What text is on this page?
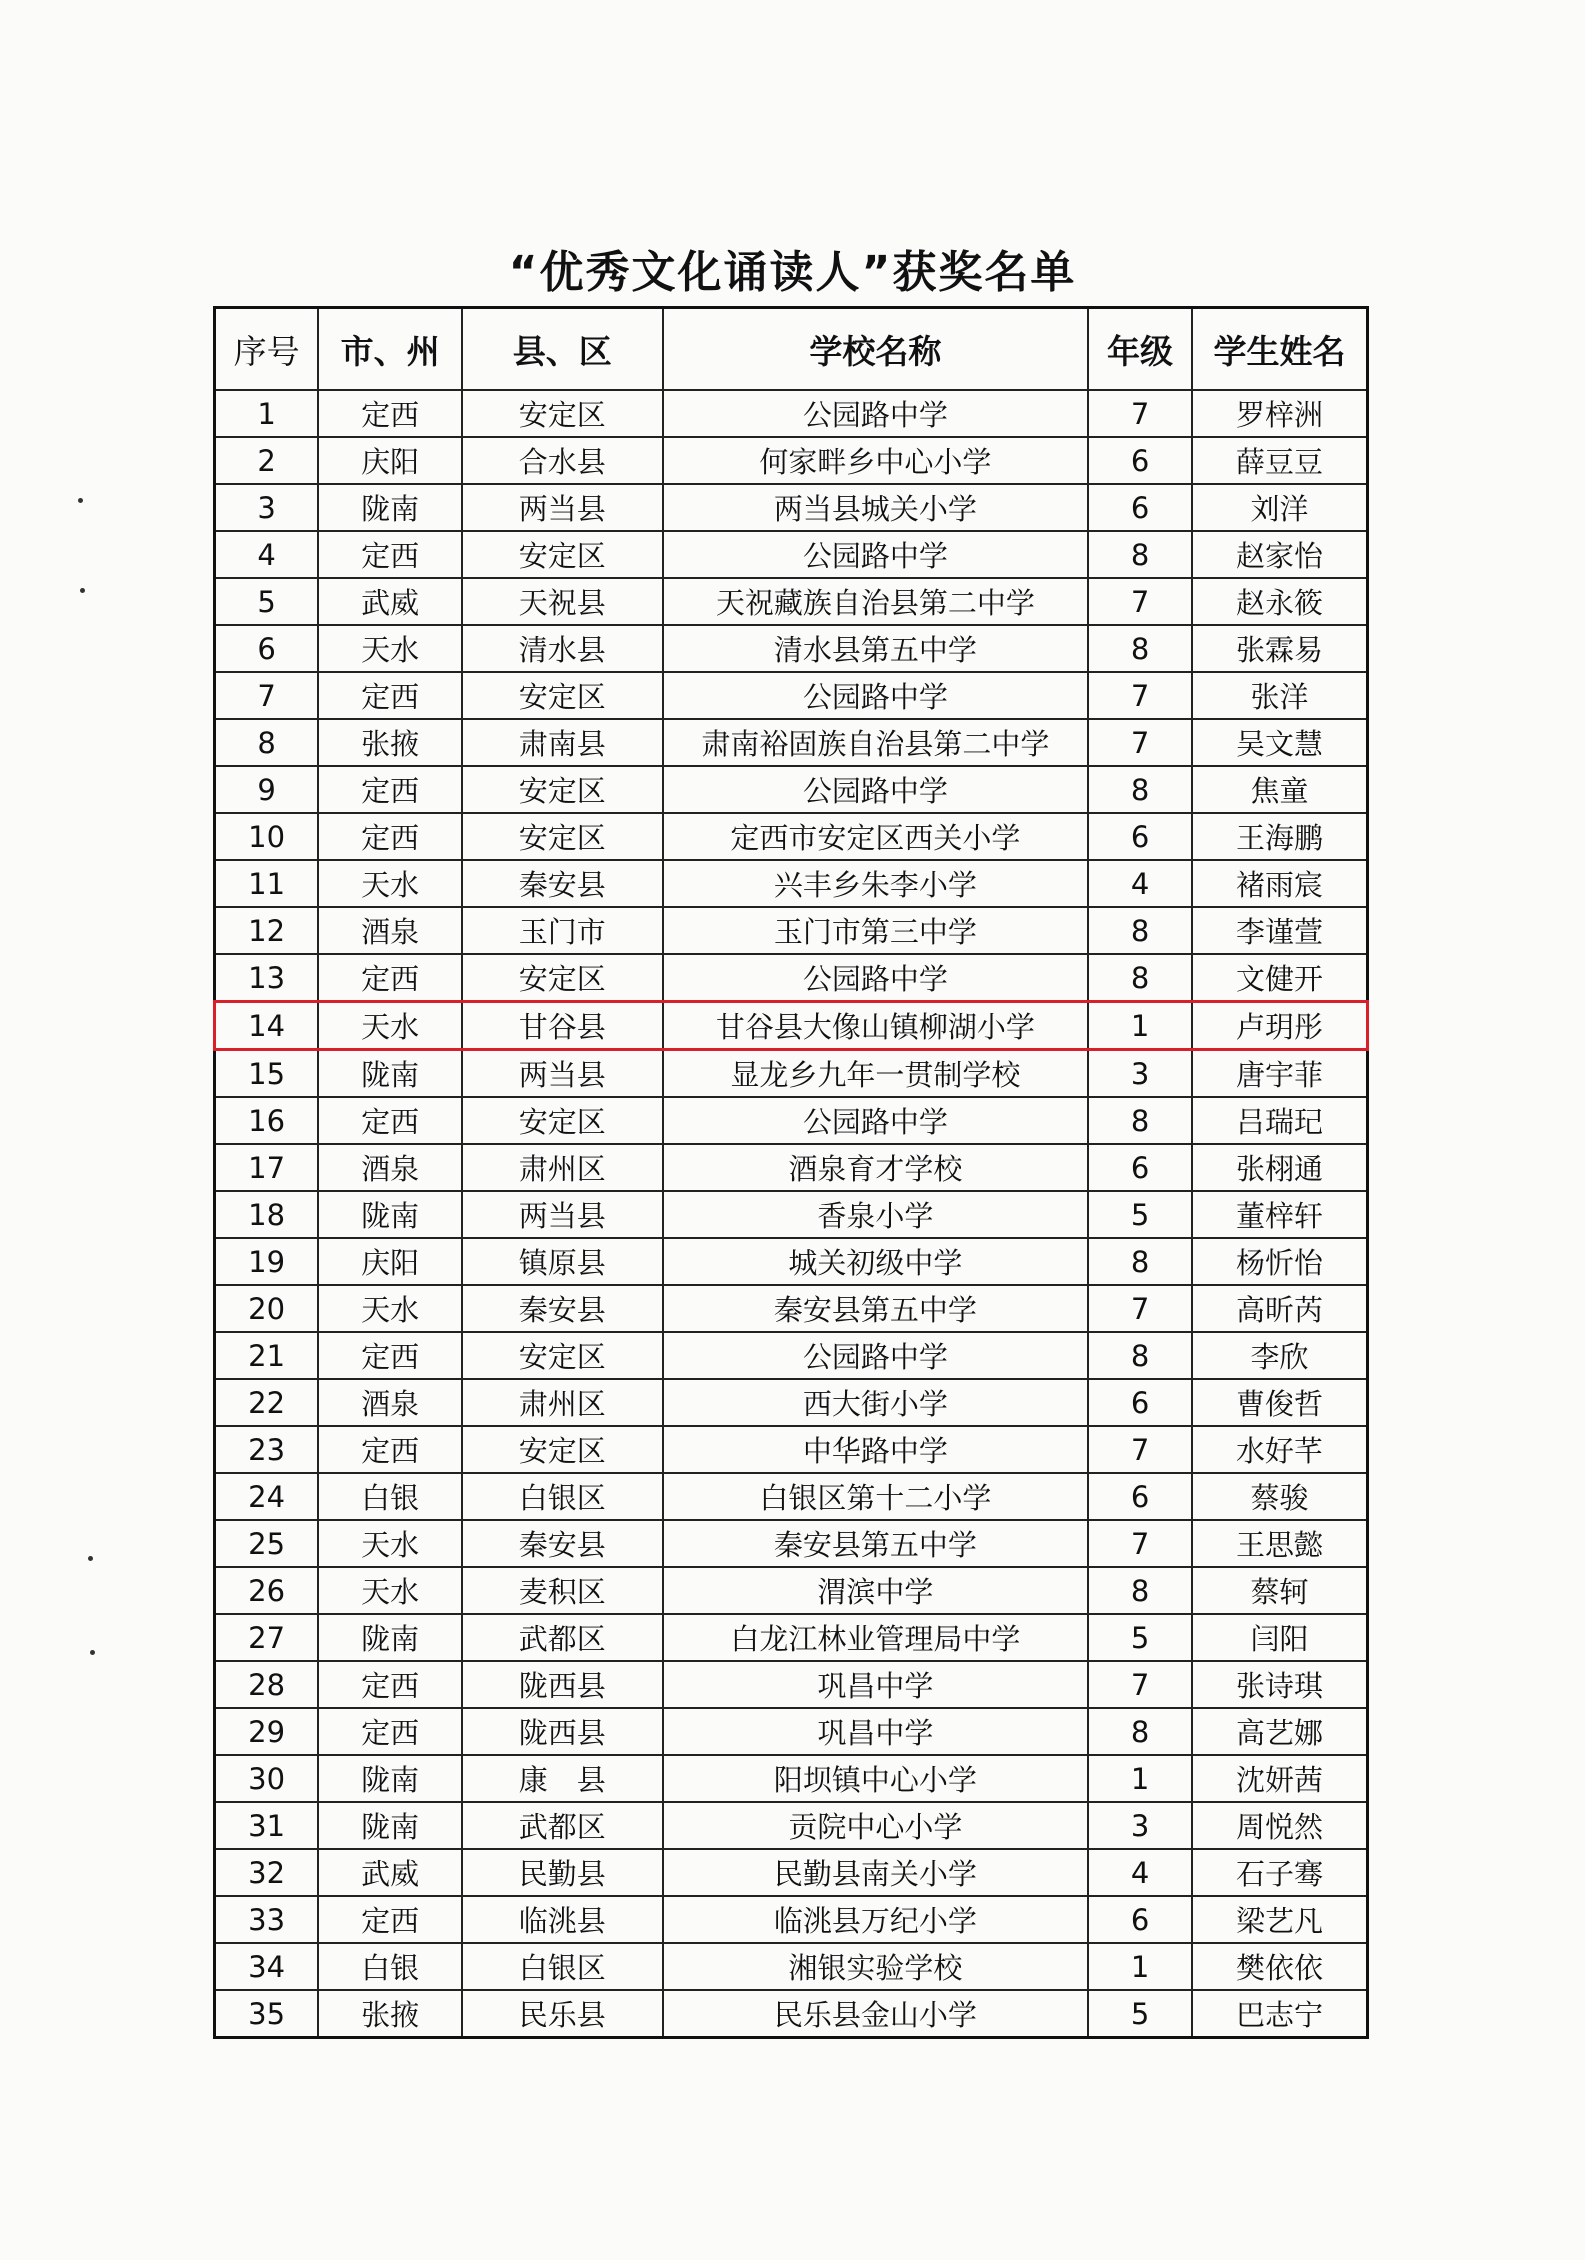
“优秀文化诵读人”获奖名单
序号	市、州	县、区	学校名称	年级	学生姓名
1	定西	安定区	公园路中学	7	罗梓洲
2	庆阳	合水县	何家畔乡中心小学	6	薛豆豆
3	陇南	两当县	两当县城关小学	6	刘洋
4	定西	安定区	公园路中学	8	赵家怡
5	武威	天祝县	天祝藏族自治县第二中学	7	赵永筱
6	天水	清水县	清水县第五中学	8	张霖易
7	定西	安定区	公园路中学	7	张洋
8	张掖	肃南县	肃南裕固族自治县第二中学	7	吴文慧
9	定西	安定区	公园路中学	8	焦童
10	定西	安定区	定西市安定区西关小学	6	王海鹏
11	天水	秦安县	兴丰乡朱李小学	4	褚雨宸
12	酒泉	玉门市	玉门市第三中学	8	李谨萱
13	定西	安定区	公园路中学	8	文健开
14	天水	甘谷县	甘谷县大像山镇柳湖小学	1	卢玥彤
15	陇南	两当县	显龙乡九年一贯制学校	3	唐宇菲
16	定西	安定区	公园路中学	8	吕瑞玘
17	酒泉	肃州区	酒泉育才学校	6	张栩通
18	陇南	两当县	香泉小学	5	董梓轩
19	庆阳	镇原县	城关初级中学	8	杨忻怡
20	天水	秦安县	秦安县第五中学	7	高昕芮
21	定西	安定区	公园路中学	8	李欣
22	酒泉	肃州区	西大街小学	6	曹俊哲
23	定西	安定区	中华路中学	7	水好芊
24	白银	白银区	白银区第十二小学	6	蔡骏
25	天水	秦安县	秦安县第五中学	7	王思懿
26	天水	麦积区	渭滨中学	8	蔡轲
27	陇南	武都区	白龙江林业管理局中学	5	闫阳
28	定西	陇西县	巩昌中学	7	张诗琪
29	定西	陇西县	巩昌中学	8	高艺娜
30	陇南	康　县	阳坝镇中心小学	1	沈妍茜
31	陇南	武都区	贡院中心小学	3	周悦然
32	武威	民勤县	民勤县南关小学	4	石子骞
33	定西	临洮县	临洮县万纪小学	6	梁艺凡
34	白银	白银区	湘银实验学校	1	樊依依
35	张掖	民乐县	民乐县金山小学	5	巴志宁
